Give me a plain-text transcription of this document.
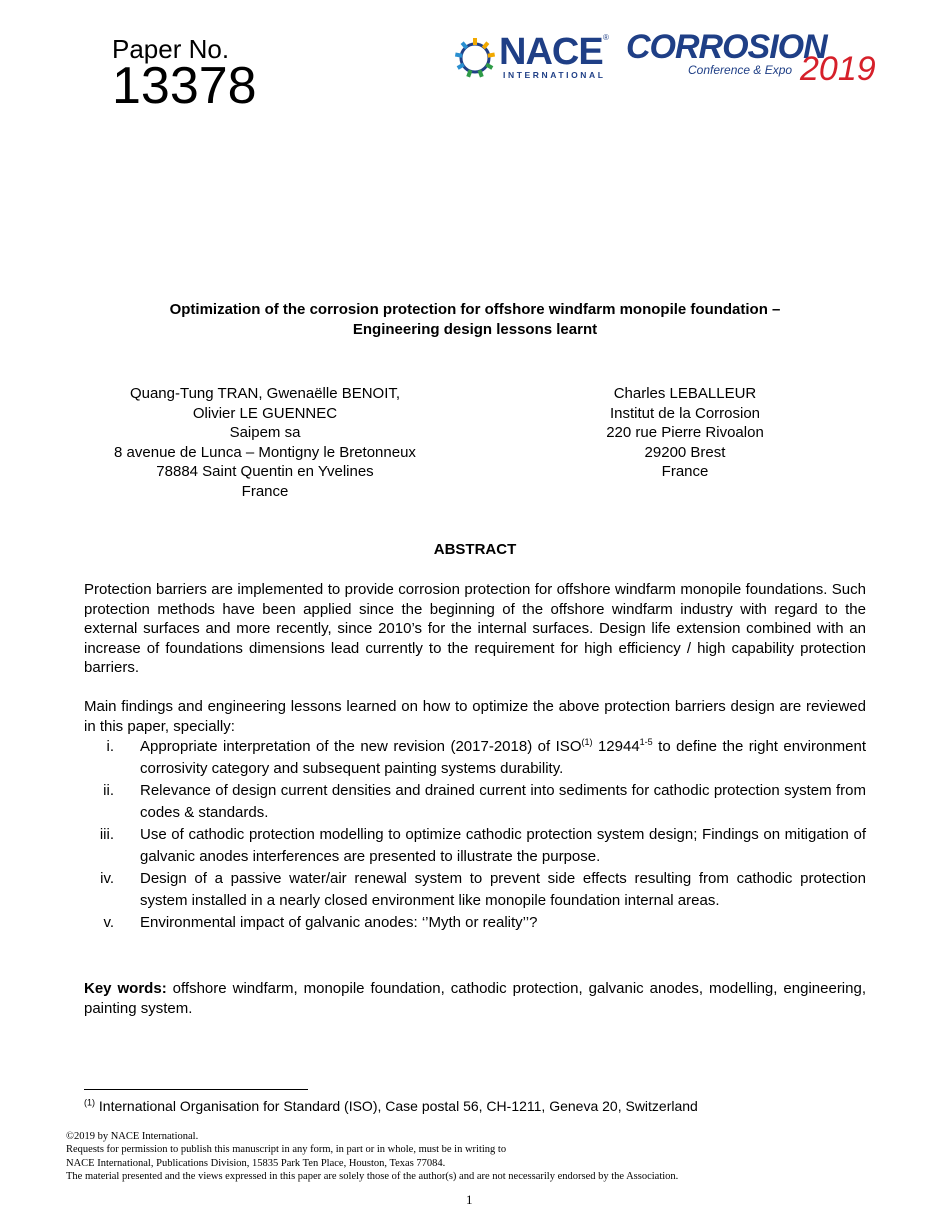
Paper No.
13378
NACE ®
INTERNATIONAL
CORROSION
Conference & Expo 2019
Optimization of the corrosion protection for offshore windfarm monopile foundation –
Engineering design lessons learnt
Quang-Tung TRAN, Gwenaëlle BENOIT,
Olivier LE GUENNEC
Saipem sa
8 avenue de Lunca – Montigny le Bretonneux
78884 Saint Quentin en Yvelines
France
Charles LEBALLEUR
Institut de la Corrosion
220 rue Pierre Rivoalon
29200 Brest
France
ABSTRACT
Protection barriers are implemented to provide corrosion protection for offshore windfarm monopile foundations. Such protection methods have been applied since the beginning of the offshore windfarm industry with regard to the external surfaces and more recently, since 2010’s for the internal surfaces. Design life extension combined with an increase of foundations dimensions lead currently to the requirement for high efficiency / high capability protection barriers.
Main findings and engineering lessons learned on how to optimize the above protection barriers design are reviewed in this paper, specially:
i. Appropriate interpretation of the new revision (2017-2018) of ISO$^{(1)}$ 12944$^{1-5}$ to define the right environment corrosivity category and subsequent painting systems durability.
ii. Relevance of design current densities and drained current into sediments for cathodic protection system from codes & standards.
iii. Use of cathodic protection modelling to optimize cathodic protection system design; Findings on mitigation of galvanic anodes interferences are presented to illustrate the purpose.
iv. Design of a passive water/air renewal system to prevent side effects resulting from cathodic protection system installed in a nearly closed environment like monopile foundation internal areas.
v. Environmental impact of galvanic anodes: ‘’Myth or reality’’?
Key words: offshore windfarm, monopile foundation, cathodic protection, galvanic anodes, modelling, engineering, painting system.
$^{(1)}$ International Organisation for Standard (ISO), Case postal 56, CH-1211, Geneva 20, Switzerland
©2019 by NACE International.
Requests for permission to publish this manuscript in any form, in part or in whole, must be in writing to
NACE International, Publications Division, 15835 Park Ten Place, Houston, Texas 77084.
The material presented and the views expressed in this paper are solely those of the author(s) and are not necessarily endorsed by the Association.
1
